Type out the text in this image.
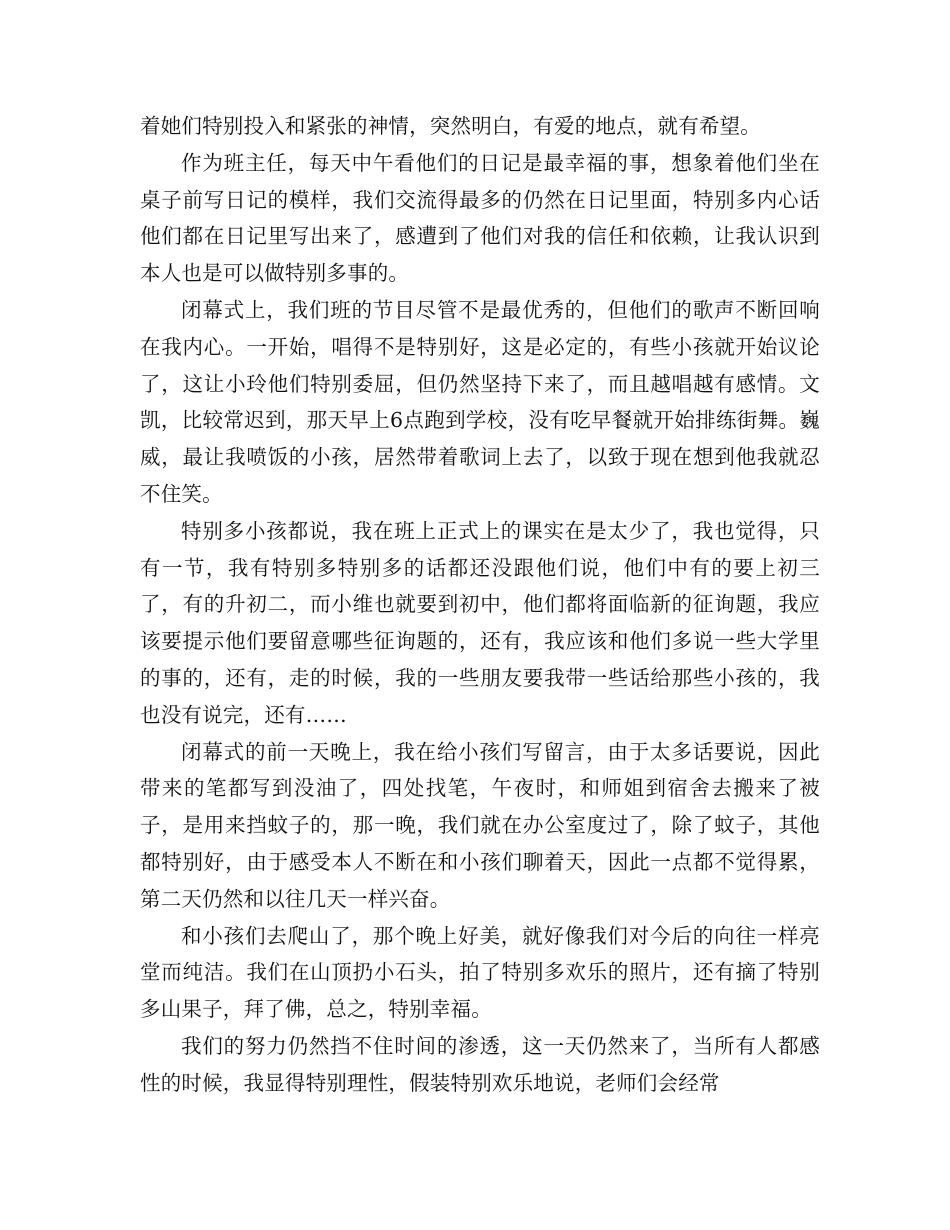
着她们特别投入和紧张的神情，突然明白，有爱的地点，就有希望。

作为班主任，每天中午看他们的日记是最幸福的事，想象着他们坐在桌子前写日记的模样，我们交流得最多的仍然在日记里面，特别多内心话他们都在日记里写出来了，感遭到了他们对我的信任和依赖，让我认识到本人也是可以做特别多事的。

闭幕式上，我们班的节目尽管不是最优秀的，但他们的歌声不断回响在我内心。一开始，唱得不是特别好，这是必定的，有些小孩就开始议论了，这让小玲他们特别委屈，但仍然坚持下来了，而且越唱越有感情。文凯，比较常迟到，那天早上6点跑到学校，没有吃早餐就开始排练街舞。巍威，最让我喷饭的小孩，居然带着歌词上去了，以致于现在想到他我就忍不住笑。

特别多小孩都说，我在班上正式上的课实在是太少了，我也觉得，只有一节，我有特别多特别多的话都还没跟他们说，他们中有的要上初三了，有的升初二，而小维也就要到初中，他们都将面临新的征询题，我应该要提示他们要留意哪些征询题的，还有，我应该和他们多说一些大学里的事的，还有，走的时候，我的一些朋友要我带一些话给那些小孩的，我也没有说完，还有……

闭幕式的前一天晚上，我在给小孩们写留言，由于太多话要说，因此带来的笔都写到没油了，四处找笔，午夜时，和师姐到宿舍去搬来了被子，是用来挡蚊子的，那一晚，我们就在办公室度过了，除了蚊子，其他都特别好，由于感受本人不断在和小孩们聊着天，因此一点都不觉得累，第二天仍然和以往几天一样兴奋。

和小孩们去爬山了，那个晚上好美，就好像我们对今后的向往一样亮堂而纯洁。我们在山顶扔小石头，拍了特别多欢乐的照片，还有摘了特别多山果子，拜了佛，总之，特别幸福。

我们的努力仍然挡不住时间的渗透，这一天仍然来了，当所有人都感性的时候，我显得特别理性，假装特别欢乐地说，老师们会经常
